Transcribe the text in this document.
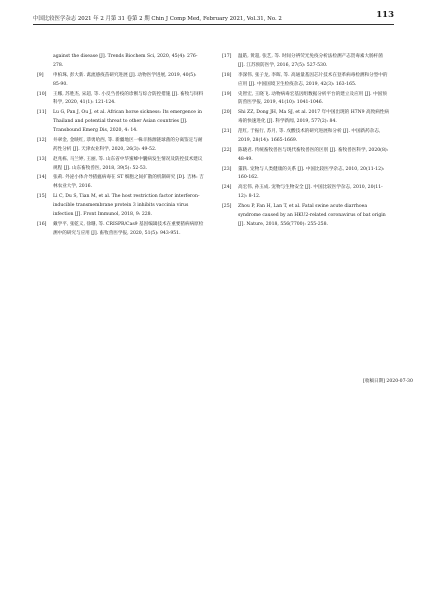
中国比较医学杂志 2021 年 2 月第 31 卷第 2 期 Chin J Comp Med, February 2021, Vol.31, No. 2	113
against the disease [J]. Trends Biochem Sci, 2020, 45(4): 276-278.
[9] 申柏珠, 彭大新. 禽流感疫苗研究进展 [J]. 动物医学进展, 2019, 40(5): 85-90.
[10] 王娜, 苏胜杰, 宋超, 等. 小反刍兽疫的诊断与综合防控措施 [J]. 畜牧与饲料科学, 2020, 41(1): 121-124.
[11] Lu G, Pan J, Ou J, et al. African horse sickness: Its emergence in Thailand and potential threat to other Asian countries [J]. Transbound Emerg Dis, 2020, 4: 14.
[12] 井翠金, 金映红, 恭勇哈西, 等. 新疆地区一株羊肠源链球菌的分离鉴定与耐药性分析 [J]. 天津农业科学, 2020, 26(3): 49-52.
[13] 赵兆栋, 马兰婷, 王丽, 等. 山东省中华蜜蜂中囊病发生情况及防控技术建议规程 [J]. 山东畜牧兽医, 2018, 39(5): 52-53.
[14] 张莉. 外泌小体介导猪瘟病毒在 ST 细胞之间扩散的机制研究 [D]. 吉林: 吉林农业大学, 2016.
[15] Li C, Du S, Tian M, et al. The host restriction factor interferon-inducible transmembrane protein 3 inhibits vaccinia virus infection [J]. Front Immunol, 2018, 9: 228.
[16] 戴学平, 张乾义, 徐珊, 等. CRISPR/Cas9 基因编辑技术在重要猪病病原检测中的研究与应用 [J]. 畜牧兽医学报, 2020, 51(5): 943-951.
[17] 温皓, 黄超, 张艺, 等. 时间分辨荧光免疫分析法检测产志贺毒素大肠杆菌 [J]. 江苏预防医学, 2016, 27(5): 527-530.
[18] 李深伟, 张子龙, 李晖, 等. 高通量基因芯片技术在登革病毒检测和分型中的应用 [J]. 中国国境卫生检疫杂志, 2019, 42(3): 163-165.
[19] 史智宏, 王晓飞. 动物病毒宏基因组数据分析平台的建立及应用 [J]. 中国预防兽医学报, 2019, 41(10): 1041-1046.
[20] Shi ZZ, Dong JH, Ma SJ, et al. 2017 年中国出现的 H7N9 高致病性病毒的快速进化 [J]. 科学新闻, 2019, 577(2): 84.
[21] 范红, 于振行, 苏月, 等. 戊酸技术的研究进展和分析 [J]. 中国新药杂志, 2019, 28(14): 1665-1669.
[22] 陈晓君. 传统畜牧兽医与现代畜牧兽医的区别 [J]. 畜牧兽医科学, 2020(8): 48-49.
[23] 董轶. 宠物与人类健康的关系 [J]. 中国比较医学杂志, 2010, 20(11-12): 160-162.
[24] 高宏伟, 孙玉成. 宠物与生物安全 [J]. 中国比较医学杂志, 2010, 20(11-12): 8-12.
[25] Zhou P, Fan H, Lan T, et al. Fatal swine acute diarrhoea syndrome caused by an HKU2-related coronavirus of bat origin [J]. Nature, 2018, 556(7700): 255-258.
[收稿日期] 2020-07-30
